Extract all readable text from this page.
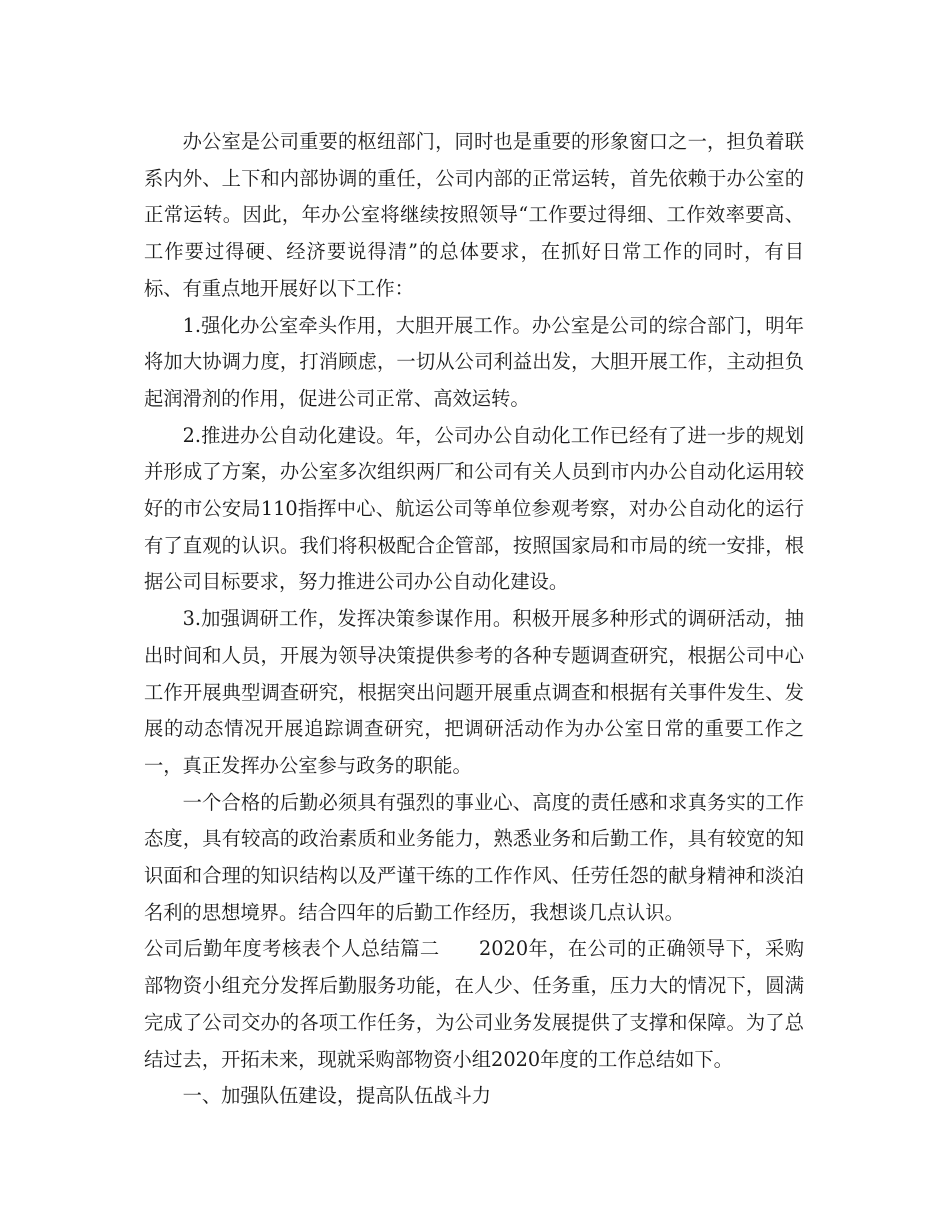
办公室是公司重要的枢纽部门，同时也是重要的形象窗口之一，担负着联系内外、上下和内部协调的重任，公司内部的正常运转，首先依赖于办公室的正常运转。因此，年办公室将继续按照领导“工作要过得细、工作效率要高、工作要过得硬、经济要说得清”的总体要求，在抓好日常工作的同时，有目标、有重点地开展好以下工作：

1.强化办公室牵头作用，大胆开展工作。办公室是公司的综合部门，明年将加大协调力度，打消顾虑，一切从公司利益出发，大胆开展工作，主动担负起润滑剂的作用，促进公司正常、高效运转。

2.推进办公自动化建设。年，公司办公自动化工作已经有了进一步的规划并形成了方案，办公室多次组织两厂和公司有关人员到市内办公自动化运用较好的市公安局110指挥中心、航运公司等单位参观考察，对办公自动化的运行有了直观的认识。我们将积极配合企管部，按照国家局和市局的统一安排，根据公司目标要求，努力推进公司办公自动化建设。

3.加强调研工作，发挥决策参谋作用。积极开展多种形式的调研活动，抽出时间和人员，开展为领导决策提供参考的各种专题调查研究，根据公司中心工作开展典型调查研究，根据突出问题开展重点调查和根据有关事件发生、发展的动态情况开展追踪调查研究，把调研活动作为办公室日常的重要工作之一，真正发挥办公室参与政务的职能。

一个合格的后勤必须具有强烈的事业心、高度的责任感和求真务实的工作态度，具有较高的政治素质和业务能力，熟悉业务和后勤工作，具有较宽的知识面和合理的知识结构以及严谨干练的工作作风、任劳任怨的献身精神和淡泊名利的思想境界。结合四年的后勤工作经历，我想谈几点认识。

公司后勤年度考核表个人总结篇二　　2020年，在公司的正确领导下，采购部物资小组充分发挥后勤服务功能，在人少、任务重，压力大的情况下，圆满完成了公司交办的各项工作任务，为公司业务发展提供了支撑和保障。为了总结过去，开拓未来，现就采购部物资小组2020年度的工作总结如下。

一、加强队伍建设，提高队伍战斗力
